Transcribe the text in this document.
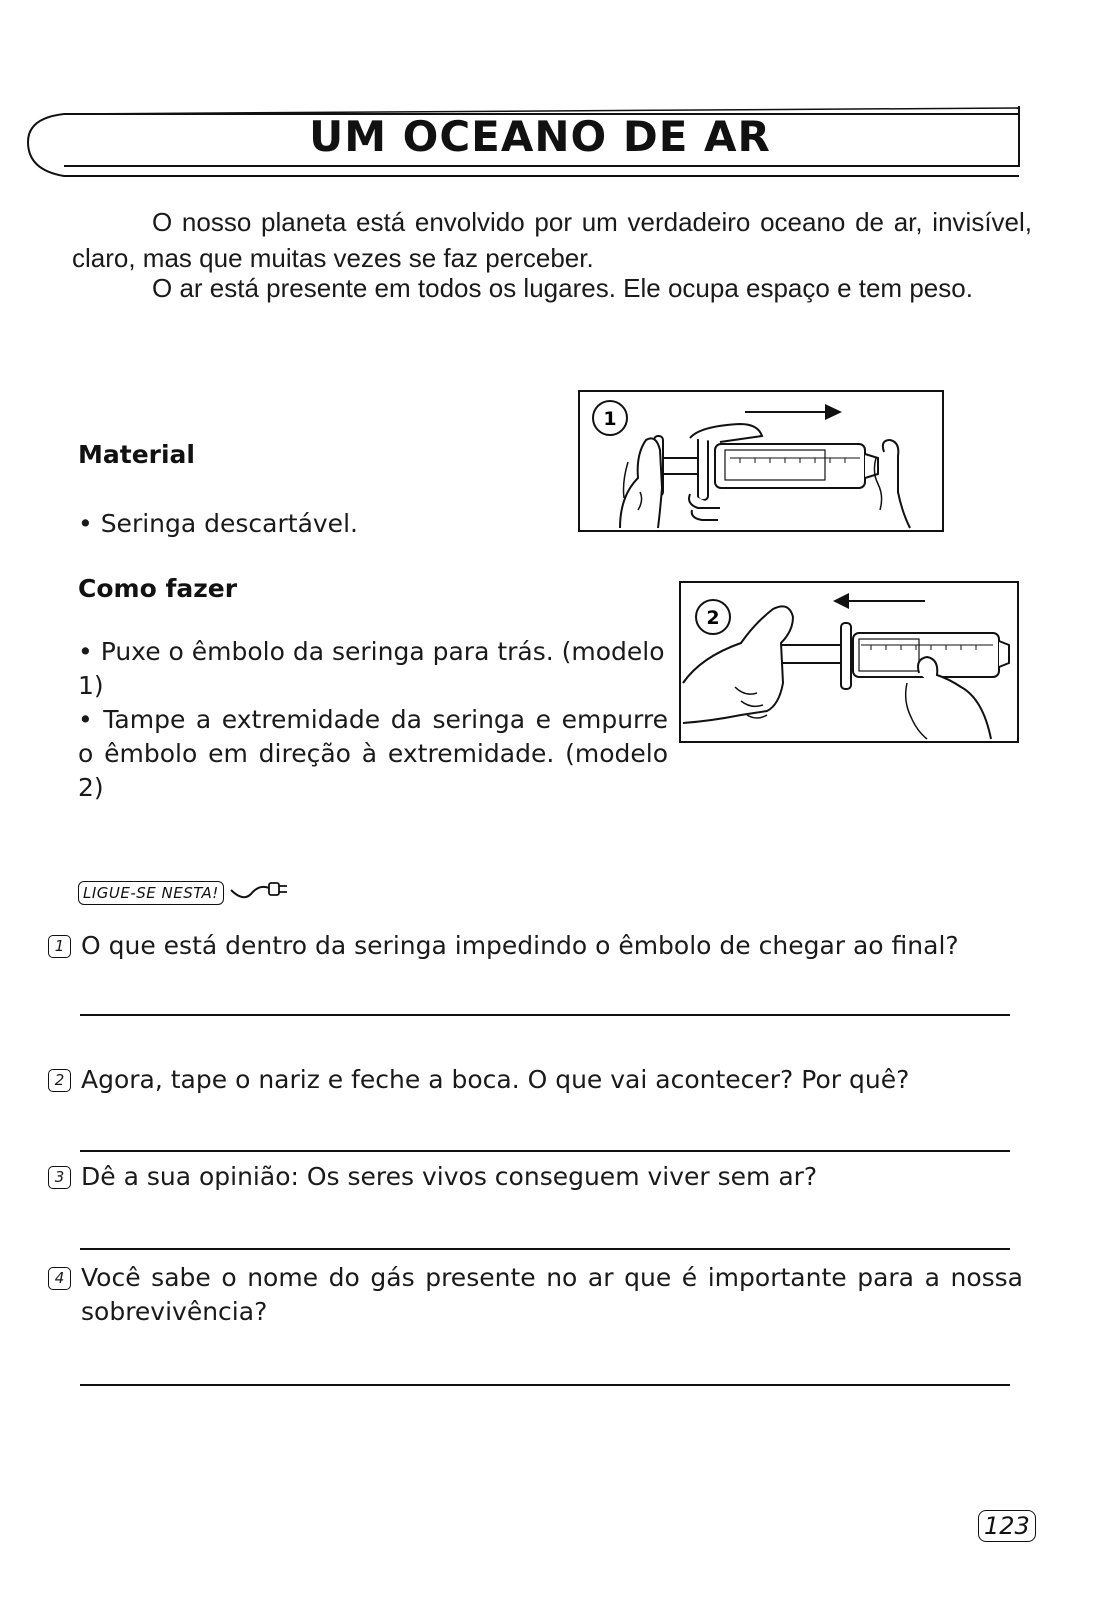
UM OCEANO DE AR
O nosso planeta está envolvido por um verdadeiro oceano de ar, invisível, claro, mas que muitas vezes se faz perceber.
O ar está presente em todos os lugares. Ele ocupa espaço e tem peso.
Material
• Seringa descartável.
Como fazer
• Puxe o êmbolo da seringa para trás. (modelo 1)
• Tampe a extremidade da seringa e empurre o êmbolo em direção à extremidade. (modelo 2)
1
2
LIGUE-SE NESTA!
1 O que está dentro da seringa impedindo o êmbolo de chegar ao final?
2 Agora, tape o nariz e feche a boca. O que vai acontecer? Por quê?
3 Dê a sua opinião: Os seres vivos conseguem viver sem ar?
4 Você sabe o nome do gás presente no ar que é importante para a nossa sobrevivência?
123
